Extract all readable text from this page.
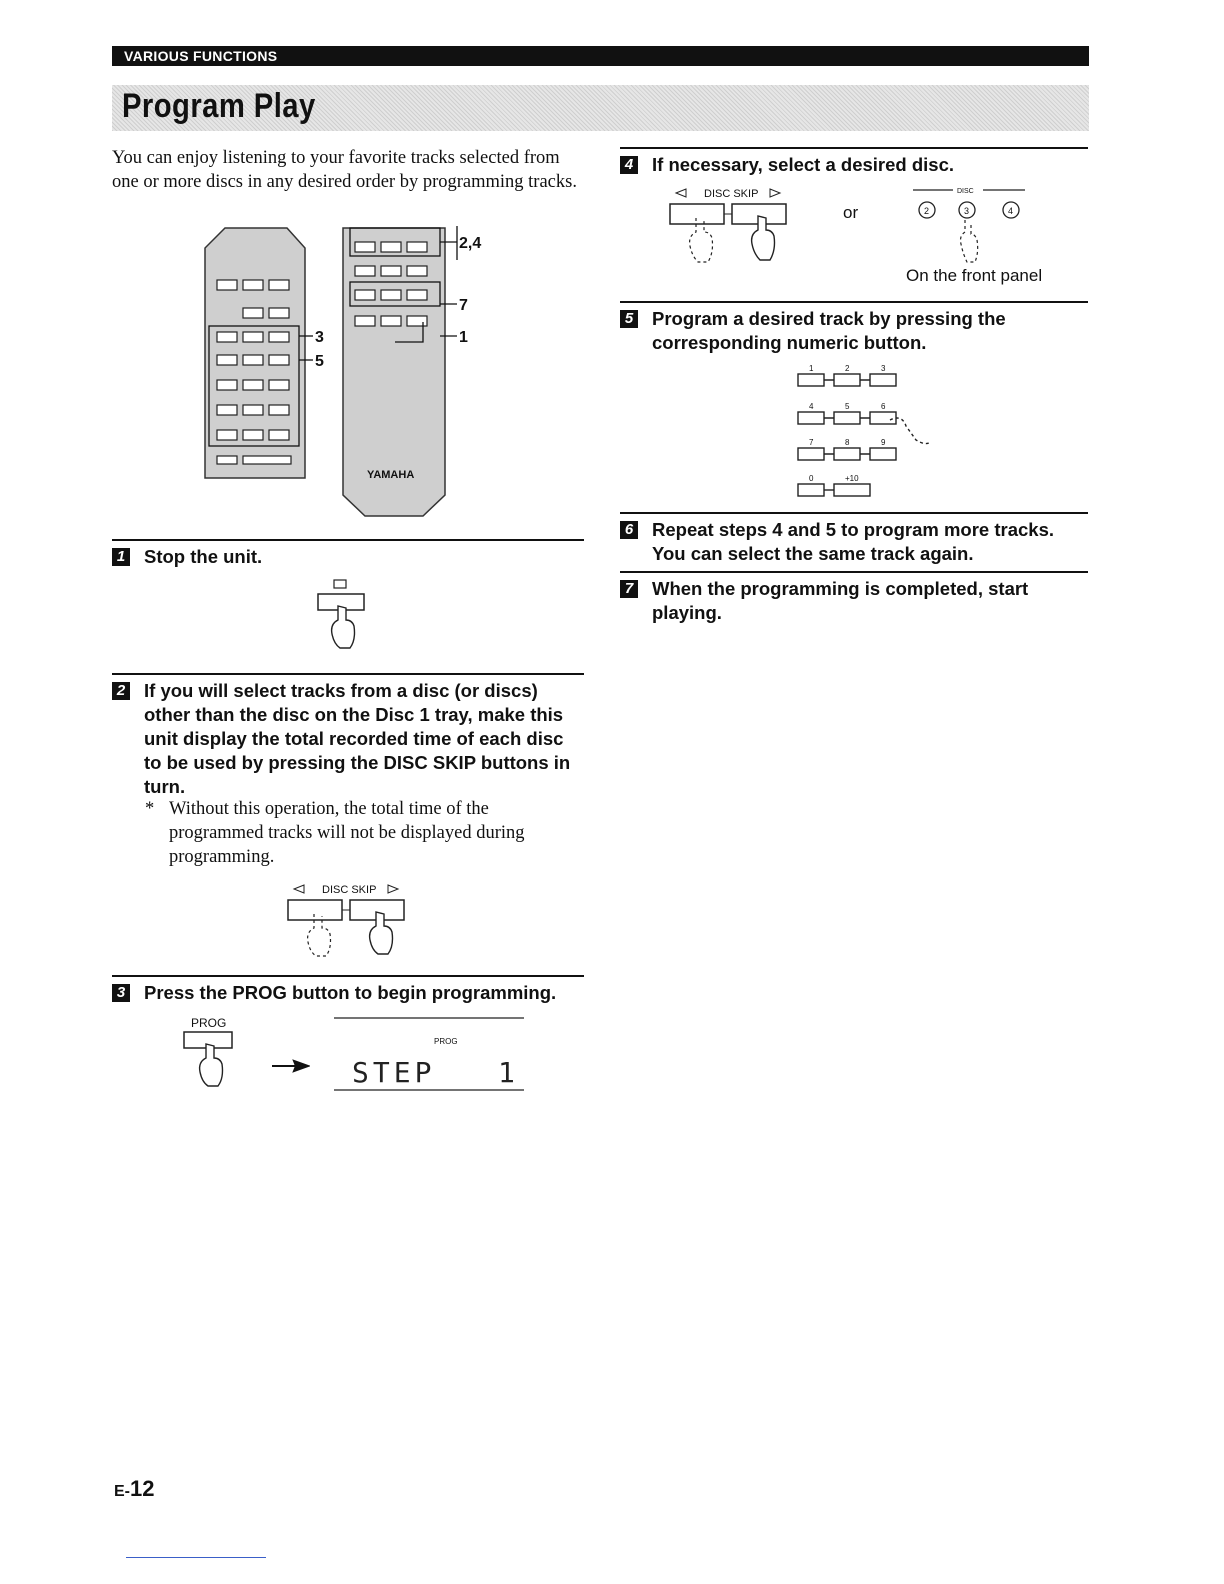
VARIOUS FUNCTIONS
Program Play
You can enjoy listening to your favorite tracks selected from one or more discs in any desired order by programming tracks.
2,4
7
1
3
5
YAMAHA
1 Stop the unit.
2 If you will select tracks from a disc (or discs) other than the disc on the Disc 1 tray, make this unit display the total recorded time of each disc to be used by pressing the DISC SKIP buttons in turn.
* Without this operation, the total time of the programmed tracks will not be displayed during programming.
DISC SKIP
3 Press the PROG button to begin programming.
PROG
PROG
STEP   1
4 If necessary, select a desired disc.
DISC SKIP
or
DISC
2	3	4
On the front panel
5 Program a desired track by pressing the corresponding numeric button.
1	2	3
4	5	6
7	8	9
0	+10
6 Repeat steps 4 and 5 to program more tracks. You can select the same track again.
7 When the programming is completed, start playing.
E-12
